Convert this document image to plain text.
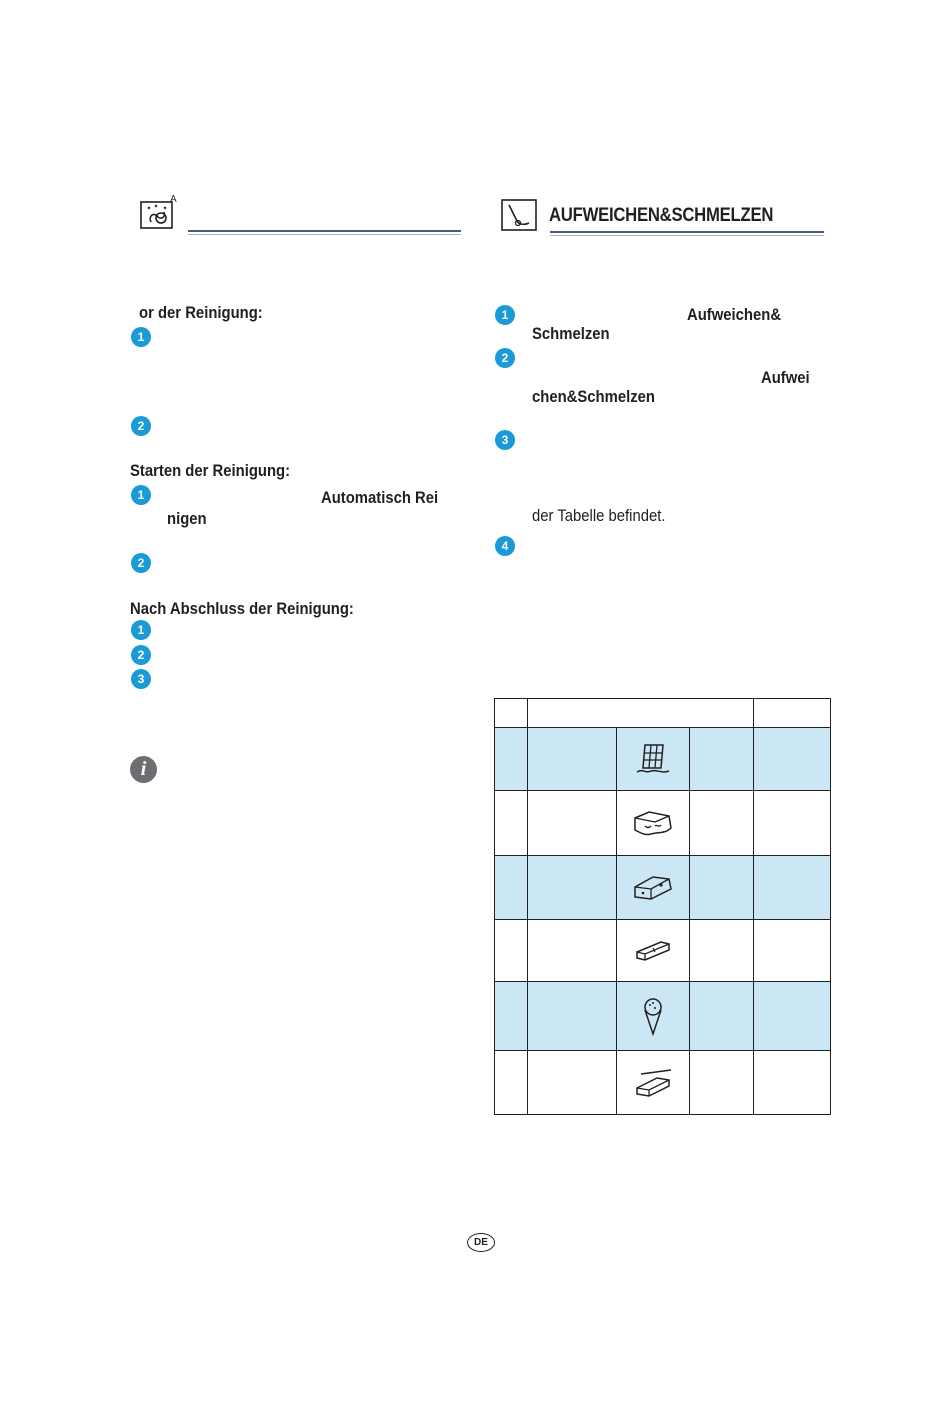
A
AUFWEICHEN&SCHMELZEN
or der Reinigung:
1
2
Starten der Reinigung:
1	Automatisch Rei
nigen
2
Nach Abschluss der Reinigung:
1
2
3
i
1	Aufweichen&
Schmelzen
2
Aufwei
chen&Schmelzen
3
der Tabelle befindet.
4

DE
